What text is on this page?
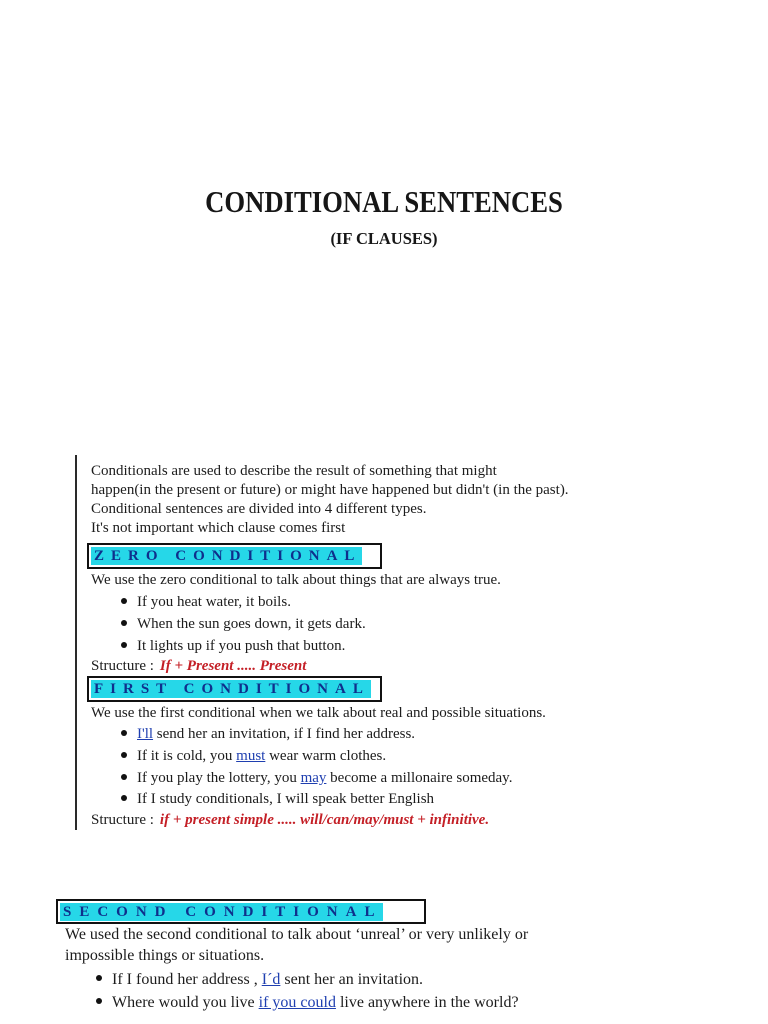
CONDITIONAL SENTENCES
(IF CLAUSES)
Conditionals are used to describe the result of something that might
happen(in the present or future) or might have happened but didn't (in the past).
Conditional sentences are divided into 4 different types.
It's not important which clause comes first
ZERO CONDITIONAL
We use the zero conditional to talk about things that are always true.
If you heat water, it boils.
When the sun goes down, it gets dark.
It lights up if you push that button.
Structure : If + Present ..... Present
FIRST CONDITIONAL
We use the first conditional when we talk about real and possible situations.
I'll send her an invitation, if I find her address.
If it is cold, you must wear warm clothes.
If you play the lottery, you may become a millonaire someday.
If I study conditionals, I will speak better English
Structure : if + present simple ..... will/can/may/must + infinitive.
SECOND CONDITIONAL
We used the second conditional to talk about ‘unreal’ or very unlikely or
impossible things or situations.
If I found her address , I´d sent her an invitation.
Where would you live if you could live anywhere in the world?
